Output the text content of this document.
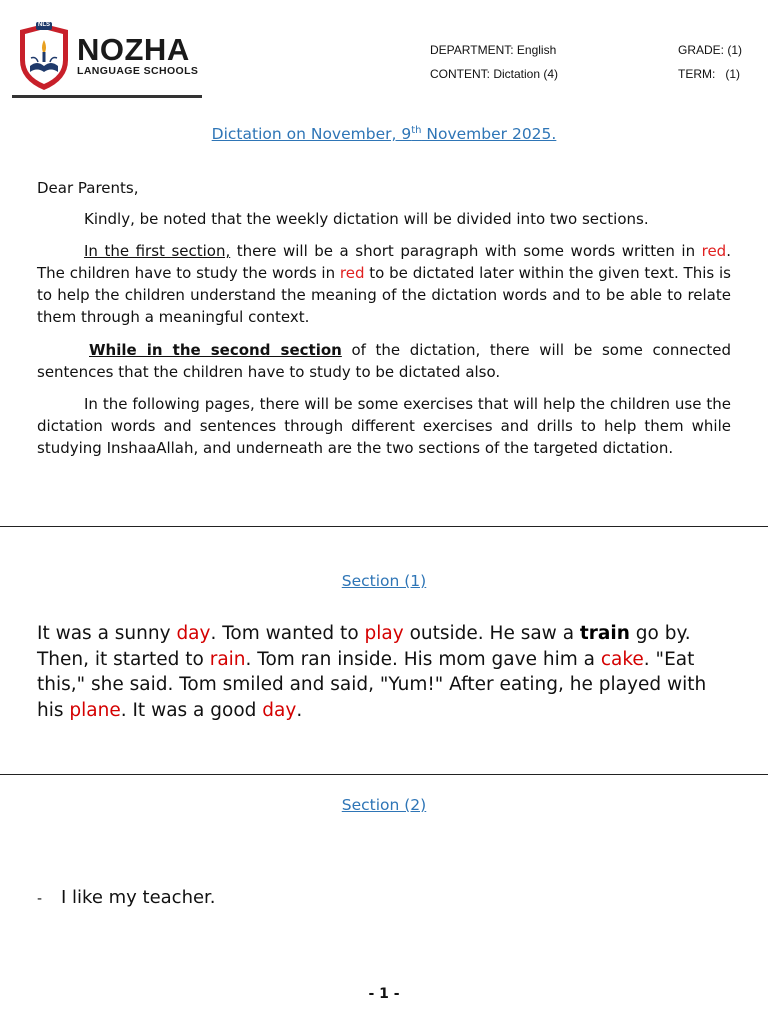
NLS
NOZHA
LANGUAGE SCHOOLS
DEPARTMENT: English
CONTENT: Dictation (4)
GRADE: (1)
TERM:   (1)
Dictation on November, 9th November 2025.
Dear Parents,
Kindly, be noted that the weekly dictation will be divided into two sections.
In the first section, there will be a short paragraph with some words written in red. The children have to study the words in red to be dictated later within the given text. This is to help the children understand the meaning of the dictation words and to be able to relate them through a meaningful context.
While in the second section of the dictation, there will be some connected sentences that the children have to study to be dictated also.
In the following pages, there will be some exercises that will help the children use the dictation words and sentences through different exercises and drills to help them while studying InshaaAllah, and underneath are the two sections of the targeted dictation.
Section (1)
It was a sunny day. Tom wanted to play outside. He saw a train go by. Then, it started to rain. Tom ran inside. His mom gave him a cake. "Eat this," she said. Tom smiled and said, "Yum!" After eating, he played with his plane. It was a good day.
Section (2)
- I like my teacher.
- 1 -
